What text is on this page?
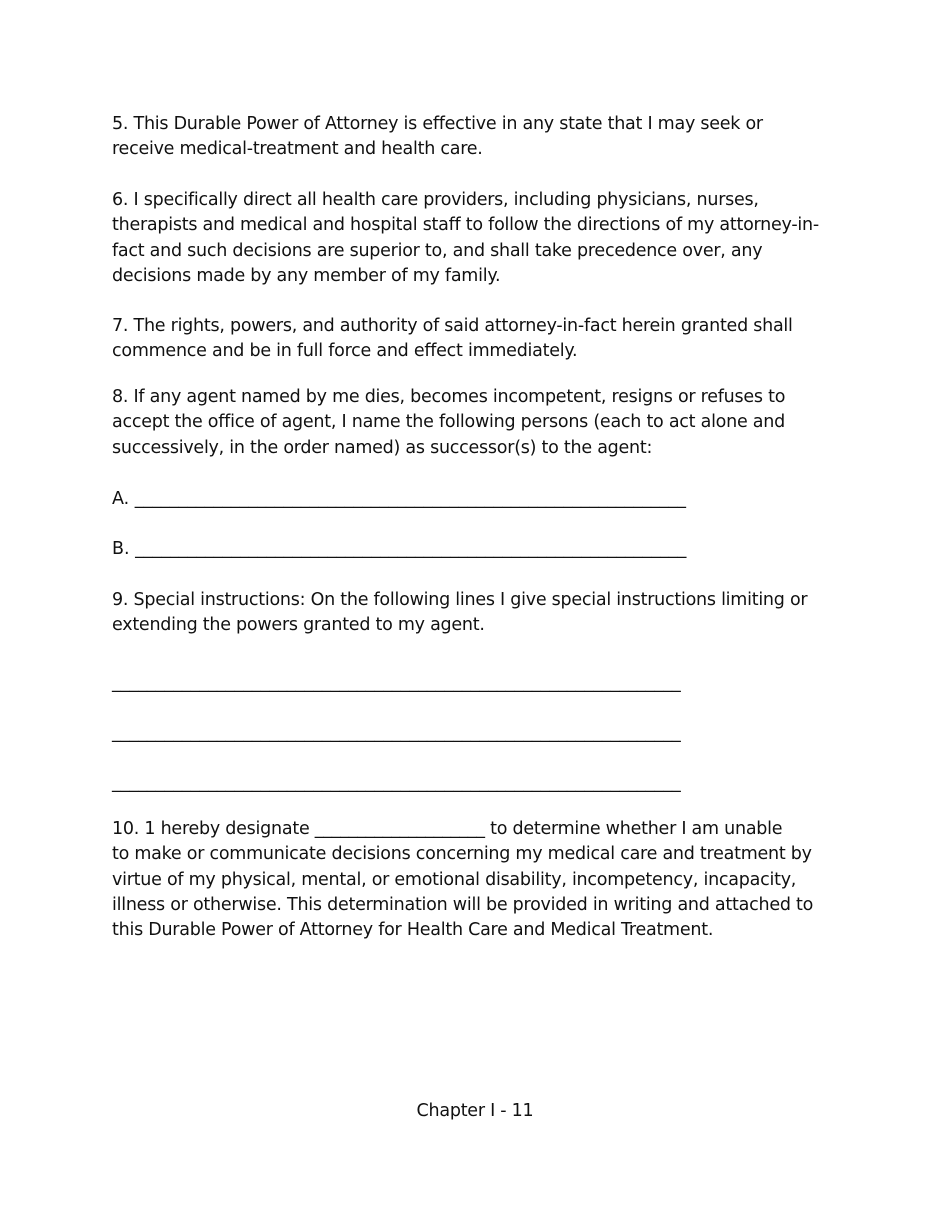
5. This Durable Power of Attorney is effective in any state that I may seek or
receive medical-treatment and health care.
6. I specifically direct all health care providers, including physicians, nurses,
therapists and medical and hospital staff to follow the directions of my attorney-in-
fact and such decisions are superior to, and shall take precedence over, any
decisions made by any member of my family.
7. The rights, powers, and authority of said attorney-in-fact herein granted shall
commence and be in full force and effect immediately.
8. If any agent named by me dies, becomes incompetent, resigns or refuses to
accept the office of agent, I name the following persons (each to act alone and
successively, in the order named) as successor(s) to the agent:
A. _______________________________________________________________
B. _______________________________________________________________
9. Special instructions: On the following lines I give special instructions limiting or
extending the powers granted to my agent.
_________________________________________________________________
_________________________________________________________________
_________________________________________________________________
10. 1 hereby designate ____________________ to determine whether I am unable
to make or communicate decisions concerning my medical care and treatment by
virtue of my physical, mental, or emotional disability, incompetency, incapacity,
illness or otherwise. This determination will be provided in writing and attached to
this Durable Power of Attorney for Health Care and Medical Treatment.
Chapter I - 11
